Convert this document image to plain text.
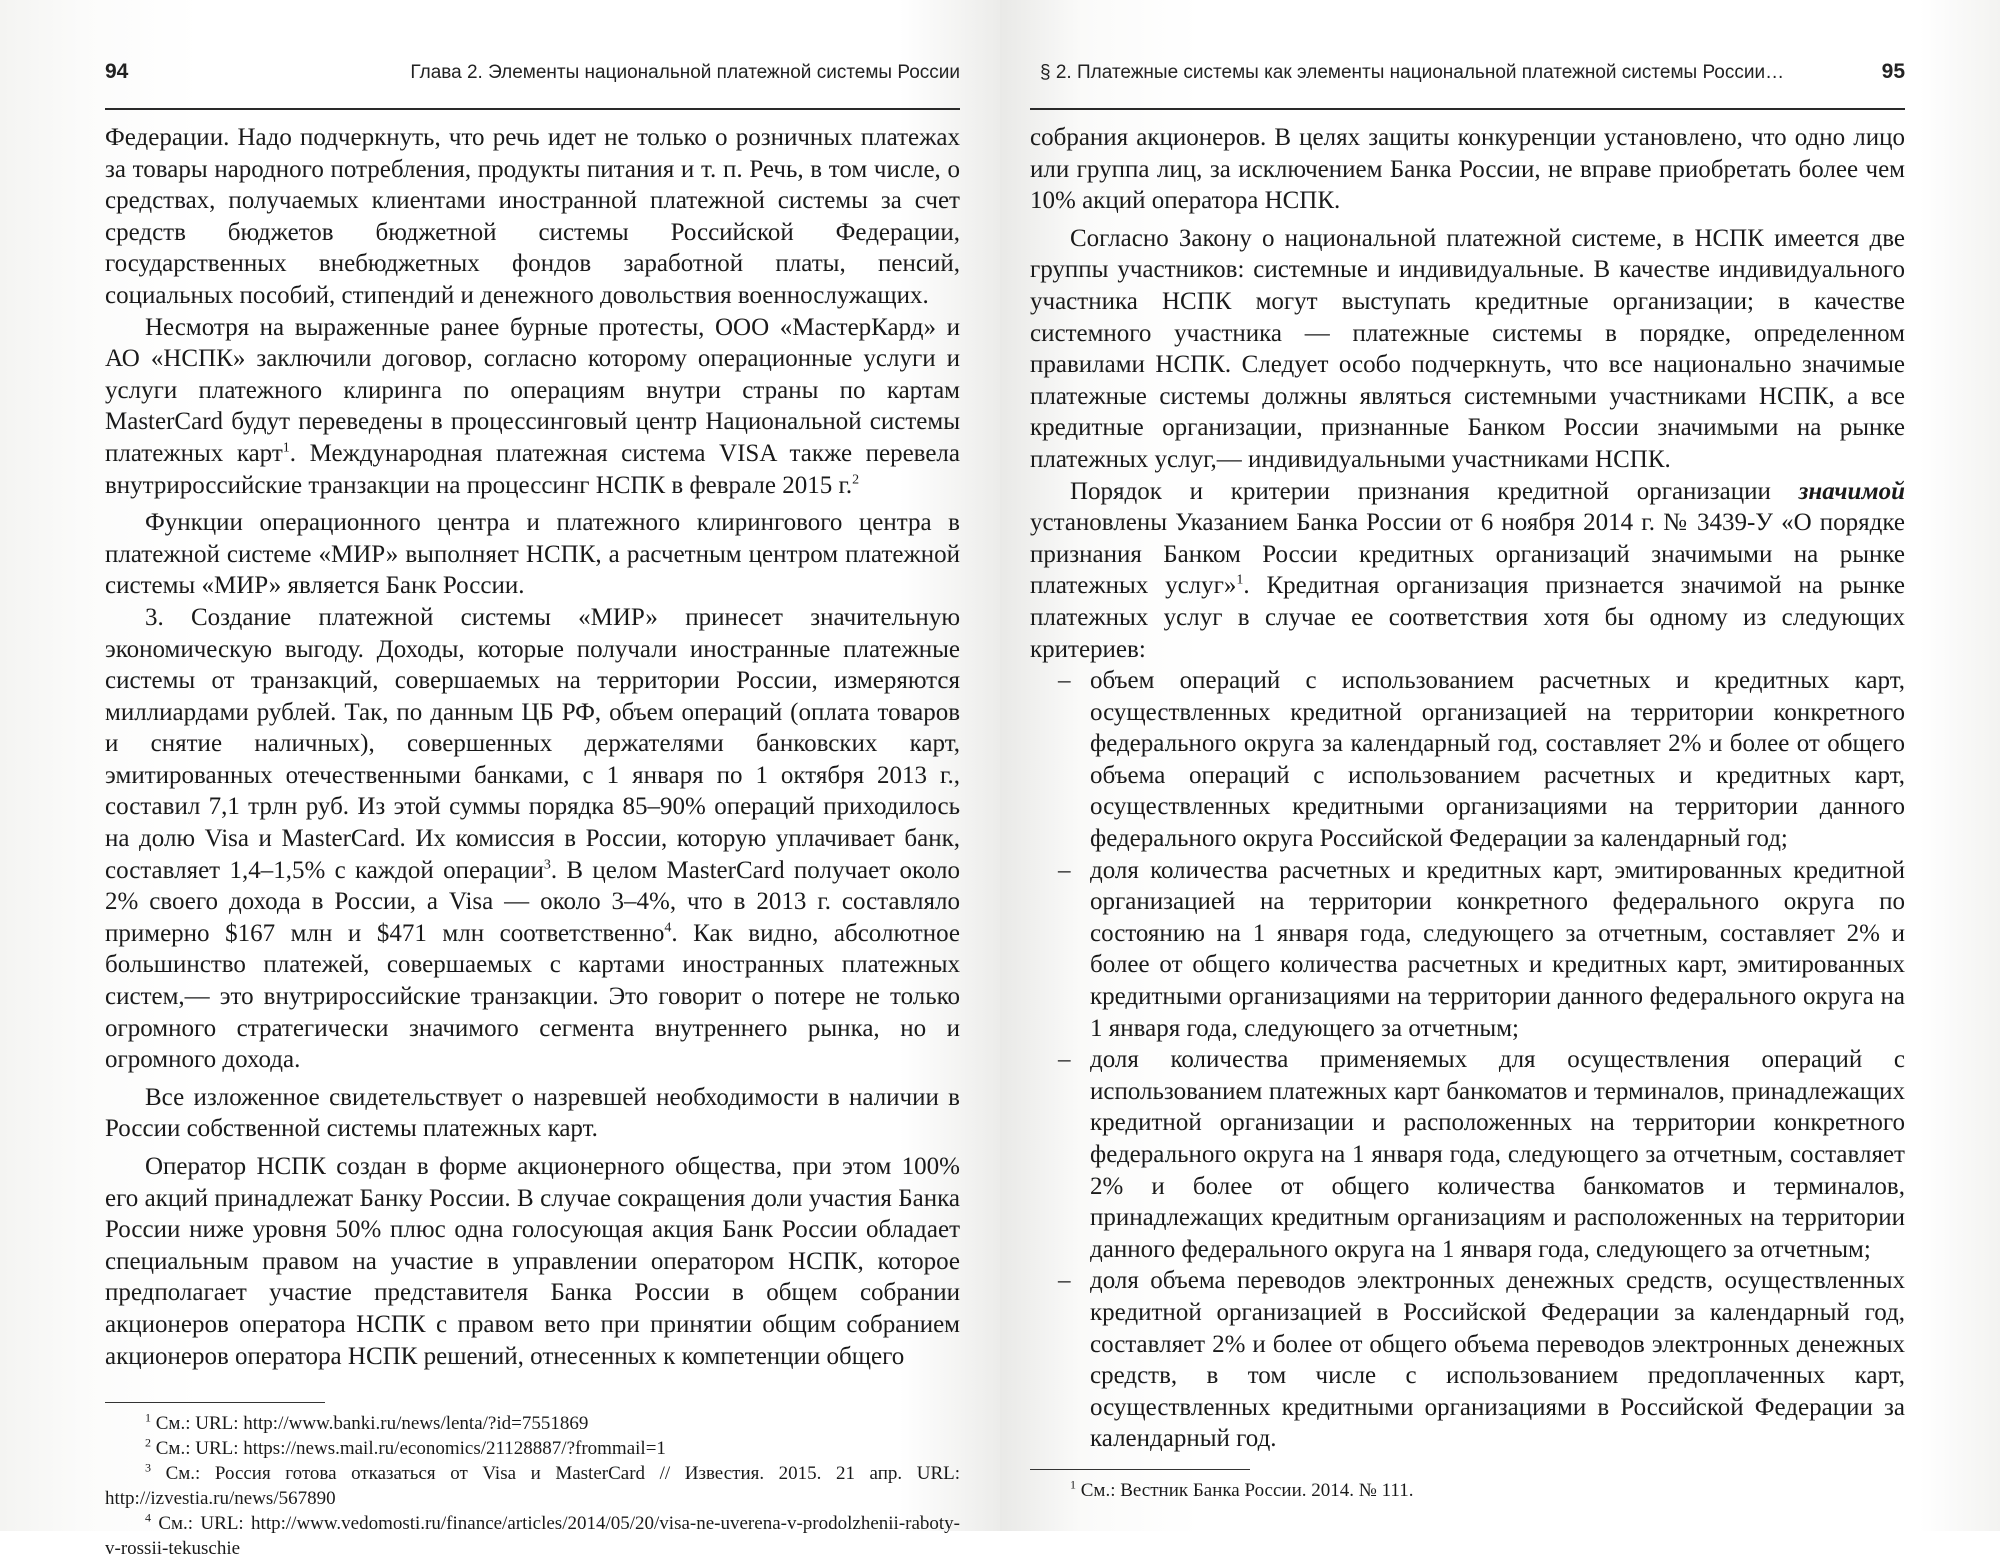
94	Глава 2. Элементы национальной платежной системы России

Федерации. Надо подчеркнуть, что речь идет не только о розничных платежах за товары народного потребления, продукты питания и т. п. Речь, в том числе, о средствах, получаемых клиентами иностранной платежной системы за счет средств бюджетов бюджетной системы Российской Федерации, государственных внебюджетных фондов заработной платы, пенсий, социальных пособий, стипендий и денежного довольствия военнослужащих.

Несмотря на выраженные ранее бурные протесты, ООО «МастерКард» и АО «НСПК» заключили договор, согласно которому операционные услуги и услуги платежного клиринга по операциям внутри страны по картам MasterCard будут переведены в процессинговый центр Национальной системы платежных карт$^1$. Международная платежная система VISA также перевела внутрироссийские транзакции на процессинг НСПК в феврале 2015 г.$^2$

Функции операционного центра и платежного клирингового центра в платежной системе «МИР» выполняет НСПК, а расчетным центром платежной системы «МИР» является Банк России.

3. Создание платежной системы «МИР» принесет значительную экономическую выгоду. Доходы, которые получали иностранные платежные системы от транзакций, совершаемых на территории России, измеряются миллиардами рублей. Так, по данным ЦБ РФ, объем операций (оплата товаров и снятие наличных), совершенных держателями банковских карт, эмитированных отечественными банками, с 1 января по 1 октября 2013 г., составил 7,1 трлн руб. Из этой суммы порядка 85–90% операций приходилось на долю Visa и MasterCard. Их комиссия в России, которую уплачивает банк, составляет 1,4–1,5% с каждой операции$^3$. В целом MasterCard получает около 2% своего дохода в России, а Visa — около 3–4%, что в 2013 г. составляло примерно $167 млн и $471 млн соответственно$^4$. Как видно, абсолютное большинство платежей, совершаемых с картами иностранных платежных систем,— это внутрироссийские транзакции. Это говорит о потере не только огромного стратегически значимого сегмента внутреннего рынка, но и огромного дохода.

Все изложенное свидетельствует о назревшей необходимости в наличии в России собственной системы платежных карт.

Оператор НСПК создан в форме акционерного общества, при этом 100% его акций принадлежат Банку России. В случае сокращения доли участия Банка России ниже уровня 50% плюс одна голосующая акция Банк России обладает специальным правом на участие в управлении оператором НСПК, которое предполагает участие представителя Банка России в общем собрании акционеров оператора НСПК с правом вето при принятии общим собранием акционеров оператора НСПК решений, отнесенных к компетенции общего

$^1$ См.: URL: http://www.banki.ru/news/lenta/?id=7551869
$^2$ См.: URL: https://news.mail.ru/economics/21128887/?frommail=1
$^3$ См.: Россия готова отказаться от Visa и MasterCard // Известия. 2015. 21 апр. URL: http://izvestia.ru/news/567890
$^4$ См.: URL: http://www.vedomosti.ru/finance/articles/2014/05/20/visa-ne-uverena-v-prodolzhenii-raboty-v-rossii-tekuschie
§ 2. Платежные системы как элементы национальной платежной системы России…	95

собрания акционеров. В целях защиты конкуренции установлено, что одно лицо или группа лиц, за исключением Банка России, не вправе приобретать более чем 10% акций оператора НСПК.

Согласно Закону о национальной платежной системе, в НСПК имеется две группы участников: системные и индивидуальные. В качестве индивидуального участника НСПК могут выступать кредитные организации; в качестве системного участника — платежные системы в порядке, определенном правилами НСПК. Следует особо подчеркнуть, что все национально значимые платежные системы должны являться системными участниками НСПК, а все кредитные организации, признанные Банком России значимыми на рынке платежных услуг,— индивидуальными участниками НСПК.

Порядок и критерии признания кредитной организации значимой установлены Указанием Банка России от 6 ноября 2014 г. № 3439-У «О порядке признания Банком России кредитных организаций значимыми на рынке платежных услуг»$^1$. Кредитная организация признается значимой на рынке платежных услуг в случае ее соответствия хотя бы одному из следующих критериев:

– объем операций с использованием расчетных и кредитных карт, осуществленных кредитной организацией на территории конкретного федерального округа за календарный год, составляет 2% и более от общего объема операций с использованием расчетных и кредитных карт, осуществленных кредитными организациями на территории данного федерального округа Российской Федерации за календарный год;
– доля количества расчетных и кредитных карт, эмитированных кредитной организацией на территории конкретного федерального округа по состоянию на 1 января года, следующего за отчетным, составляет 2% и более от общего количества расчетных и кредитных карт, эмитированных кредитными организациями на территории данного федерального округа на 1 января года, следующего за отчетным;
– доля количества применяемых для осуществления операций с использованием платежных карт банкоматов и терминалов, принадлежащих кредитной организации и расположенных на территории конкретного федерального округа на 1 января года, следующего за отчетным, составляет 2% и более от общего количества банкоматов и терминалов, принадлежащих кредитным организациям и расположенных на территории данного федерального округа на 1 января года, следующего за отчетным;
– доля объема переводов электронных денежных средств, осуществленных кредитной организацией в Российской Федерации за календарный год, составляет 2% и более от общего объема переводов электронных денежных средств, в том числе с использованием предоплаченных карт, осуществленных кредитными организациями в Российской Федерации за календарный год.
$^1$ См.: Вестник Банка России. 2014. № 111.
